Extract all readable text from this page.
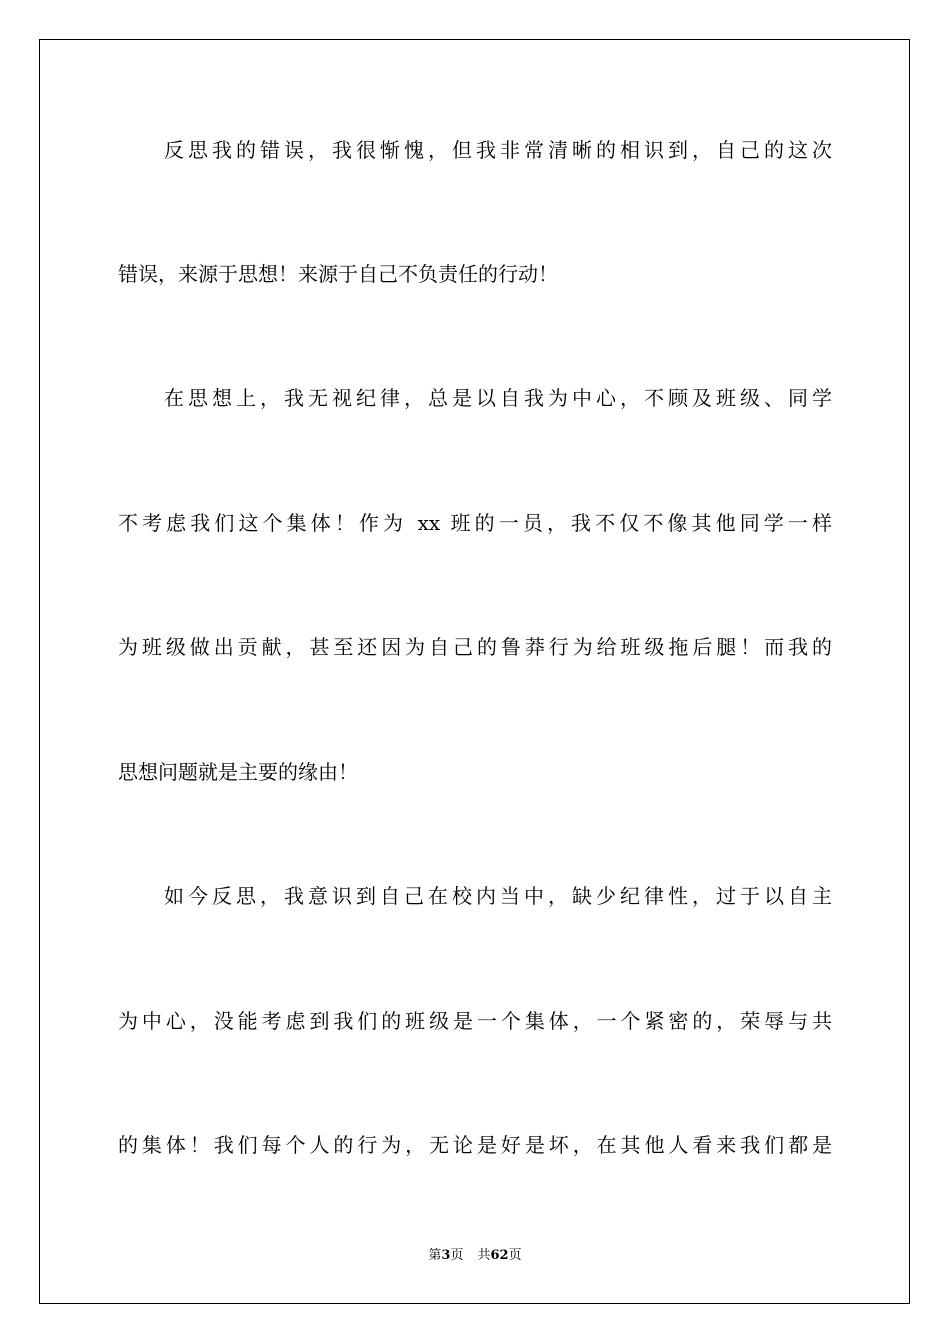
反思我的错误，我很惭愧，但我非常清晰的相识到，自己的这次
错误，来源于思想！来源于自己不负责任的行动！
在思想上，我无视纪律，总是以自我为中心，不顾及班级、同学
不考虑我们这个集体！作为 xx 班的一员，我不仅不像其他同学一样
为班级做出贡献，甚至还因为自己的鲁莽行为给班级拖后腿！而我的
思想问题就是主要的缘由！
如今反思，我意识到自己在校内当中，缺少纪律性，过于以自主
为中心，没能考虑到我们的班级是一个集体，一个紧密的，荣辱与共
的集体！我们每个人的行为，无论是好是坏，在其他人看来我们都是
第3页 共62页
